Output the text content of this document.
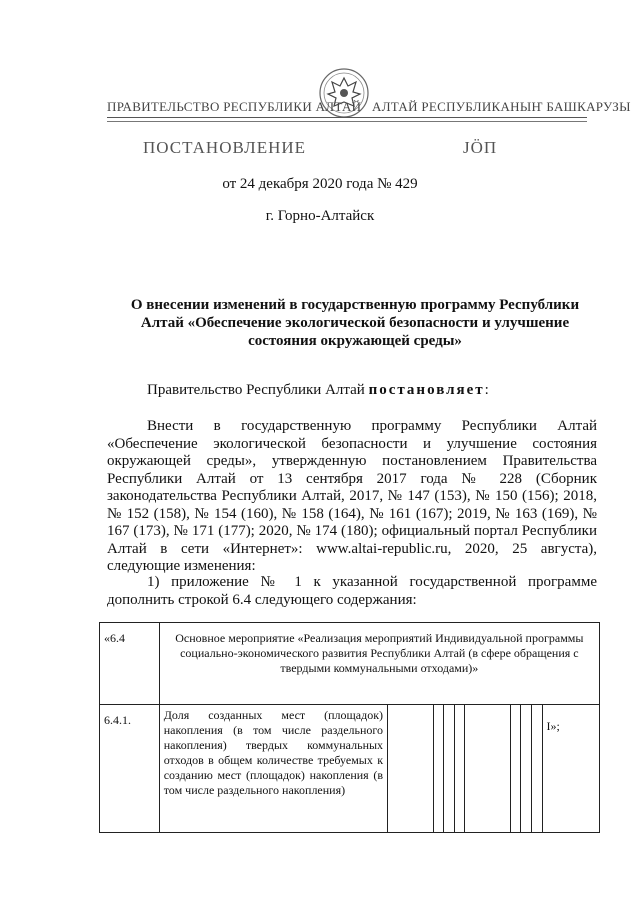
ПРАВИТЕЛЬСТВО РЕСПУБЛИКИ АЛТАЙ АЛТАЙ РЕСПУБЛИКАНЫҤ БАШКАРУЗЫ
ПОСТАНОВЛЕНИЕ	JÖП
от 24 декабря 2020 года № 429
г. Горно-Алтайск
О внесении изменений в государственную программу Республики
Алтай «Обеспечение экологической безопасности и улучшение
состояния окружающей среды»
Правительство Республики Алтай постановляет:
Внести в государственную программу Республики Алтай «Обеспечение экологической безопасности и улучшение состояния окружающей среды», утвержденную постановлением Правительства Республики Алтай от 13 сентября 2017 года № 228 (Сборник законодательства Республики Алтай, 2017, № 147 (153), № 150 (156); 2018, № 152 (158), № 154 (160), № 158 (164), № 161 (167); 2019, № 163 (169), № 167 (173), № 171 (177); 2020, № 174 (180); официальный портал Республики Алтай в сети «Интернет»: www.altai-republic.ru, 2020, 25 августа), следующие изменения:
1) приложение № 1 к указанной государственной программе дополнить строкой 6.4 следующего содержания:
«6.4	Основное мероприятие «Реализация мероприятий Индивидуальной программы социально-экономического развития Республики Алтай (в сфере обращения с твердыми коммунальными отходами)»									
6.4.1.	Доля созданных мест (площадок) накопления (в том числе раздельного накопления) твердых коммунальных отходов в общем количестве требуемых к созданию мест (площадок) накопления (в том числе раздельного накопления)									I»;
